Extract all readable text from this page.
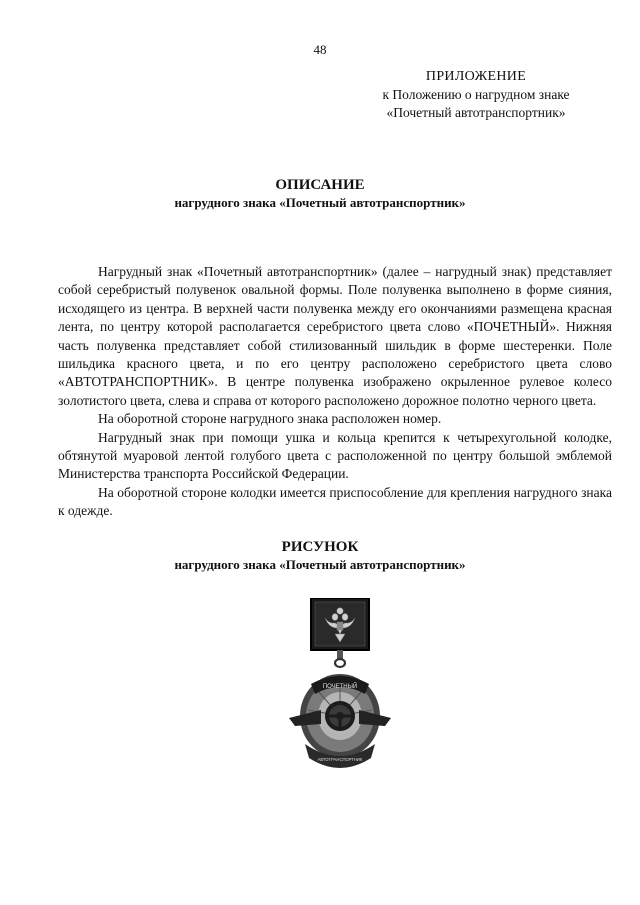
48
ПРИЛОЖЕНИЕ
к Положению о нагрудном знаке
«Почетный автотранспортник»
ОПИСАНИЕ
нагрудного знака «Почетный автотранспортник»

Нагрудный знак «Почетный автотранспортник» (далее – нагрудный знак) представляет собой серебристый полувенок овальной формы. Поле полувенка выполнено в форме сияния, исходящего из центра. В верхней части полувенка между его окончаниями размещена красная лента, по центру которой располагается серебристого цвета слово «ПОЧЕТНЫЙ». Нижняя часть полувенка представляет собой стилизованный шильдик в форме шестеренки. Поле шильдика красного цвета, и по его центру расположено серебристого цвета слово «АВТОТРАНСПОРТНИК». В центре полувенка изображено окрыленное рулевое колесо золотистого цвета, слева и справа от которого расположено дорожное полотно черного цвета.

На оборотной стороне нагрудного знака расположен номер.

Нагрудный знак при помощи ушка и кольца крепится к четырехугольной колодке, обтянутой муаровой лентой голубого цвета с расположенной по центру большой эмблемой Министерства транспорта Российской Федерации.

На оборотной стороне колодки имеется приспособление для крепления нагрудного знака к одежде.

РИСУНОК
нагрудного знака «Почетный автотранспортник»
ПОЧЕТНЫЙ
АВТОТРАНСПОРТНИК
